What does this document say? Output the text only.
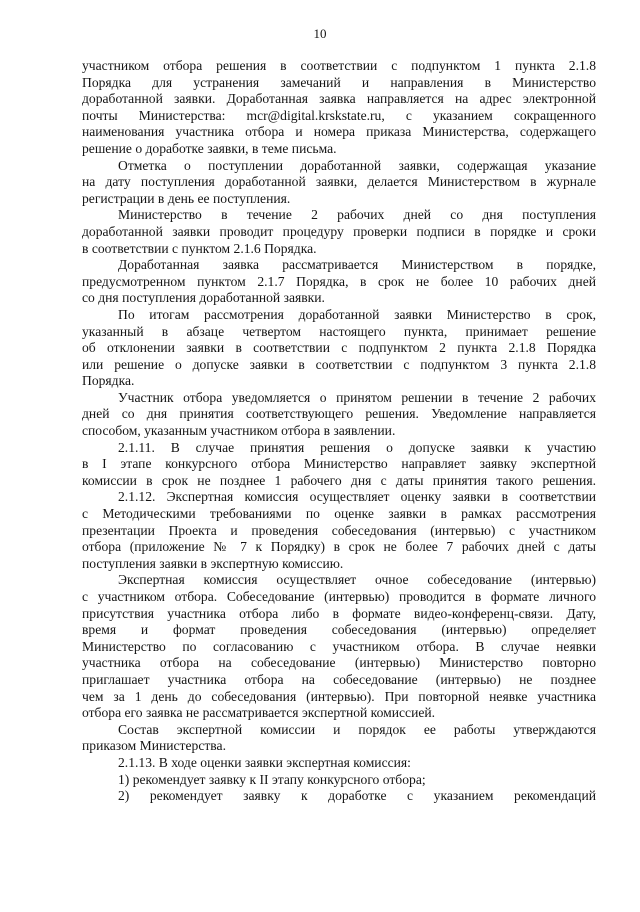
10
участником отбора решения в соответствии с подпунктом 1 пункта 2.1.8
Порядка для устранения замечаний и направления в Министерство
доработанной заявки. Доработанная заявка направляется на адрес электронной
почты Министерства: mcr@digital.krskstate.ru, с указанием сокращенного
наименования участника отбора и номера приказа Министерства, содержащего
решение о доработке заявки, в теме письма.
Отметка о поступлении доработанной заявки, содержащая указание
на дату поступления доработанной заявки, делается Министерством в журнале
регистрации в день ее поступления.
Министерство в течение 2 рабочих дней со дня поступления
доработанной заявки проводит процедуру проверки подписи в порядке и сроки
в соответствии с пунктом 2.1.6 Порядка.
Доработанная заявка рассматривается Министерством в порядке,
предусмотренном пунктом 2.1.7 Порядка, в срок не более 10 рабочих дней
со дня поступления доработанной заявки.
По итогам рассмотрения доработанной заявки Министерство в срок,
указанный в абзаце четвертом настоящего пункта, принимает решение
об отклонении заявки в соответствии с подпунктом 2 пункта 2.1.8 Порядка
или решение о допуске заявки в соответствии с подпунктом 3 пункта 2.1.8
Порядка.
Участник отбора уведомляется о принятом решении в течение 2 рабочих
дней со дня принятия соответствующего решения. Уведомление направляется
способом, указанным участником отбора в заявлении.
2.1.11. В случае принятия решения о допуске заявки к участию
в I этапе конкурсного отбора Министерство направляет заявку экспертной
комиссии в срок не позднее 1 рабочего дня с даты принятия такого решения.
2.1.12. Экспертная комиссия осуществляет оценку заявки в соответствии
с Методическими требованиями по оценке заявки в рамках рассмотрения
презентации Проекта и проведения собеседования (интервью) с участником
отбора (приложение № 7 к Порядку) в срок не более 7 рабочих дней с даты
поступления заявки в экспертную комиссию.
Экспертная комиссия осуществляет очное собеседование (интервью)
с участником отбора. Собеседование (интервью) проводится в формате личного
присутствия участника отбора либо в формате видео-конференц-связи. Дату,
время и формат проведения собеседования (интервью) определяет
Министерство по согласованию с участником отбора. В случае неявки
участника отбора на собеседование (интервью) Министерство повторно
приглашает участника отбора на собеседование (интервью) не позднее
чем за 1 день до собеседования (интервью). При повторной неявке участника
отбора его заявка не рассматривается экспертной комиссией.
Состав экспертной комиссии и порядок ее работы утверждаются
приказом Министерства.
2.1.13. В ходе оценки заявки экспертная комиссия:
1) рекомендует заявку к II этапу конкурсного отбора;
2) рекомендует заявку к доработке с указанием рекомендаций
